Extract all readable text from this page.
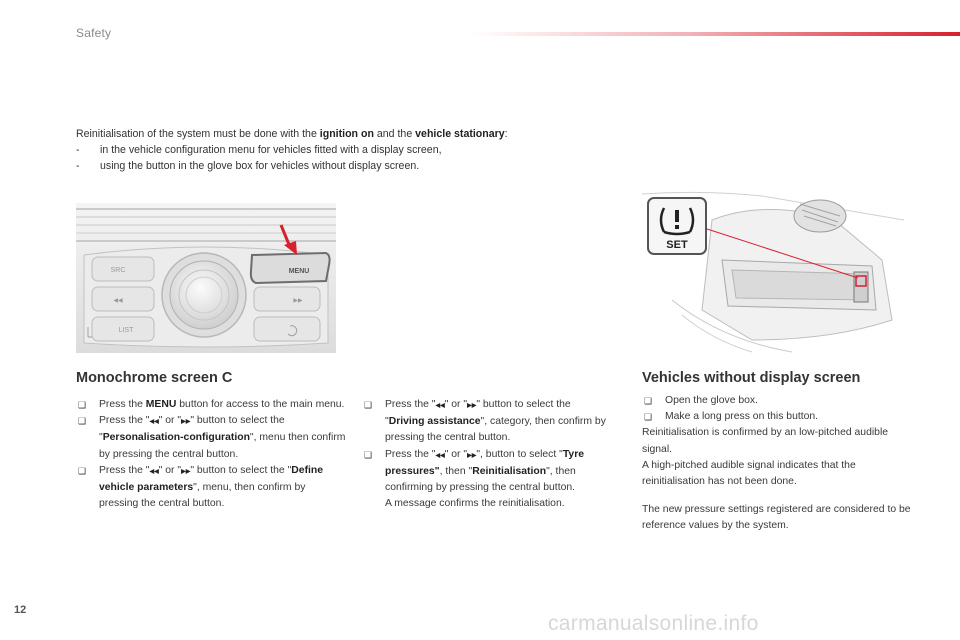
Safety
Reinitialisation of the system must be done with the ignition on and the vehicle stationary:
- in the vehicle configuration menu for vehicles fitted with a display screen,
- using the button in the glove box for vehicles without display screen.
MENU
SRC
◀◀	▶▶
LIST
SET
Monochrome screen C	Vehicles without display screen
❑ Press the MENU button for access to the main menu.
❑ Press the "◀◀" or "▶▶" button to select the "Personalisation-configuration", menu then confirm by pressing the central button.
❑ Press the "◀◀" or "▶▶" button to select the "Define vehicle parameters", menu, then confirm by pressing the central button.
❑ Press the "◀◀" or "▶▶" button to select the "Driving assistance", category, then confirm by pressing the central button.
❑ Press the "◀◀" or "▶▶", button to select "Tyre pressures", then "Reinitialisation", then confirming by pressing the central button.
A message confirms the reinitialisation.
❑ Open the glove box.
❑ Make a long press on this button.
Reinitialisation is confirmed by an low-pitched audible signal.
A high-pitched audible signal indicates that the reinitialisation has not been done.
The new pressure settings registered are considered to be reference values by the system.
12
carmanualsonline.info
